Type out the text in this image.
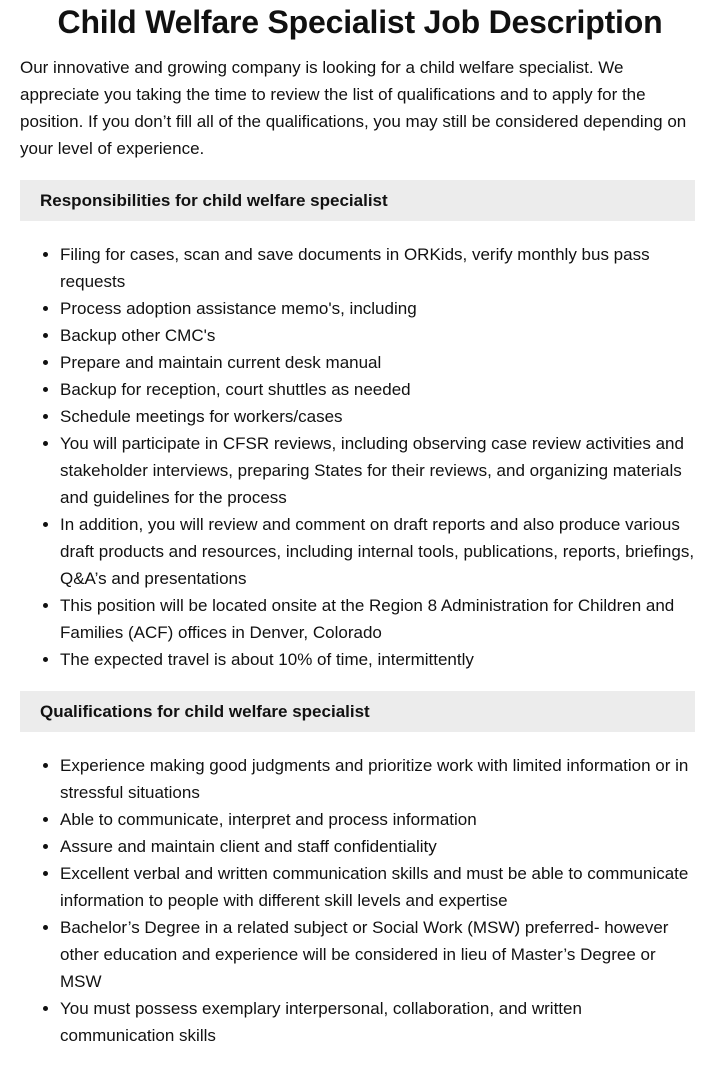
Child Welfare Specialist Job Description

Our innovative and growing company is looking for a child welfare specialist. We appreciate you taking the time to review the list of qualifications and to apply for the position. If you don’t fill all of the qualifications, you may still be considered depending on your level of experience.

Responsibilities for child welfare specialist
• Filing for cases, scan and save documents in ORKids, verify monthly bus pass requests
• Process adoption assistance memo's, including
• Backup other CMC's
• Prepare and maintain current desk manual
• Backup for reception, court shuttles as needed
• Schedule meetings for workers/cases
• You will participate in CFSR reviews, including observing case review activities and stakeholder interviews, preparing States for their reviews, and organizing materials and guidelines for the process
• In addition, you will review and comment on draft reports and also produce various draft products and resources, including internal tools, publications, reports, briefings, Q&A’s and presentations
• This position will be located onsite at the Region 8 Administration for Children and Families (ACF) offices in Denver, Colorado
• The expected travel is about 10% of time, intermittently
Qualifications for child welfare specialist
• Experience making good judgments and prioritize work with limited information or in stressful situations
• Able to communicate, interpret and process information
• Assure and maintain client and staff confidentiality
• Excellent verbal and written communication skills and must be able to communicate information to people with different skill levels and expertise
• Bachelor’s Degree in a related subject or Social Work (MSW) preferred- however other education and experience will be considered in lieu of Master’s Degree or MSW
• You must possess exemplary interpersonal, collaboration, and written communication skills
